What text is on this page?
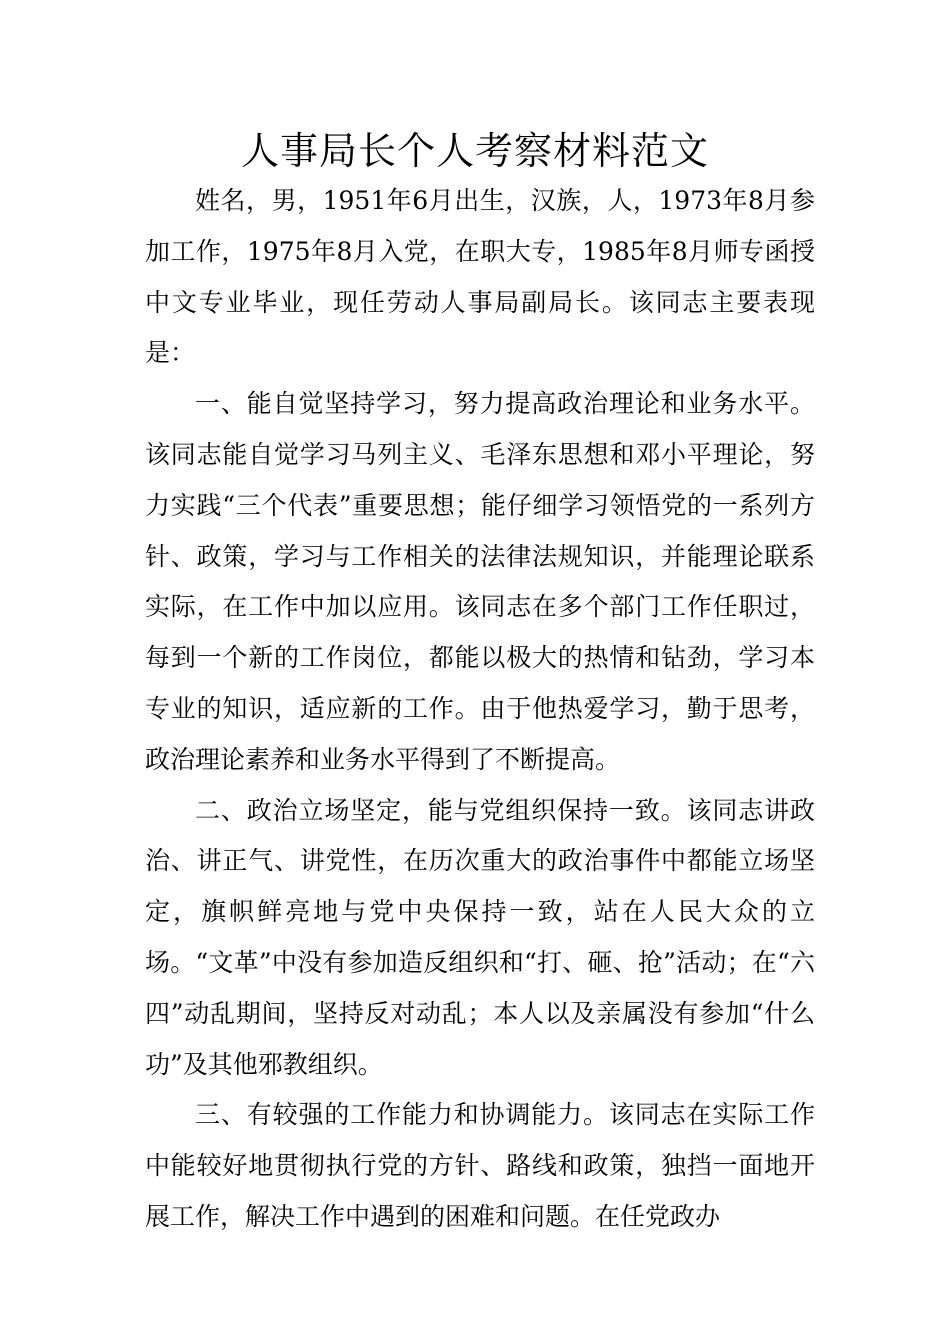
人事局长个人考察材料范文

姓名，男，1951年6月出生，汉族，人，1973年8月参加工作，1975年8月入党，在职大专，1985年8月师专函授中文专业毕业，现任劳动人事局副局长。该同志主要表现是：

一、能自觉坚持学习，努力提高政治理论和业务水平。该同志能自觉学习马列主义、毛泽东思想和邓小平理论，努力实践“三个代表”重要思想；能仔细学习领悟党的一系列方针、政策，学习与工作相关的法律法规知识，并能理论联系实际，在工作中加以应用。该同志在多个部门工作任职过，每到一个新的工作岗位，都能以极大的热情和钻劲，学习本专业的知识，适应新的工作。由于他热爱学习，勤于思考，政治理论素养和业务水平得到了不断提高。

二、政治立场坚定，能与党组织保持一致。该同志讲政治、讲正气、讲党性，在历次重大的政治事件中都能立场坚定，旗帜鲜亮地与党中央保持一致，站在人民大众的立场。“文革”中没有参加造反组织和“打、砸、抢”活动；在“六四”动乱期间，坚持反对动乱；本人以及亲属没有参加“什么功”及其他邪教组织。

三、有较强的工作能力和协调能力。该同志在实际工作中能较好地贯彻执行党的方针、路线和政策，独挡一面地开展工作，解决工作中遇到的困难和问题。在任党政办
